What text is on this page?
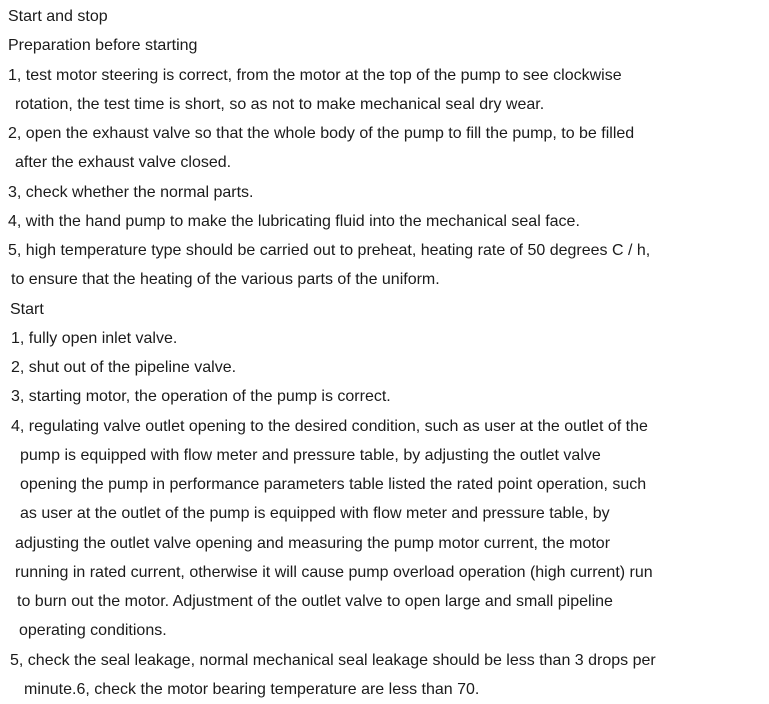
Start and stop
Preparation before starting
1, test motor steering is correct, from the motor at the top of the pump to see clockwise
rotation, the test time is short, so as not to make mechanical seal dry wear.
2, open the exhaust valve so that the whole body of the pump to fill the pump, to be filled
after the exhaust valve closed.
3, check whether the normal parts.
4, with the hand pump to make the lubricating fluid into the mechanical seal face.
5, high temperature type should be carried out to preheat, heating rate of 50 degrees C / h,
to ensure that the heating of the various parts of the uniform.
Start
1, fully open inlet valve.
2, shut out of the pipeline valve.
3, starting motor, the operation of the pump is correct.
4, regulating valve outlet opening to the desired condition, such as user at the outlet of the
pump is equipped with flow meter and pressure table, by adjusting the outlet valve
opening the pump in performance parameters table listed the rated point operation, such
as user at the outlet of the pump is equipped with flow meter and pressure table, by
adjusting the outlet valve opening and measuring the pump motor current, the motor
running in rated current, otherwise it will cause pump overload operation (high current) run
to burn out the motor. Adjustment of the outlet valve to open large and small pipeline
operating conditions.
5, check the seal leakage, normal mechanical seal leakage should be less than 3 drops per
minute.6, check the motor bearing temperature are less than 70.
